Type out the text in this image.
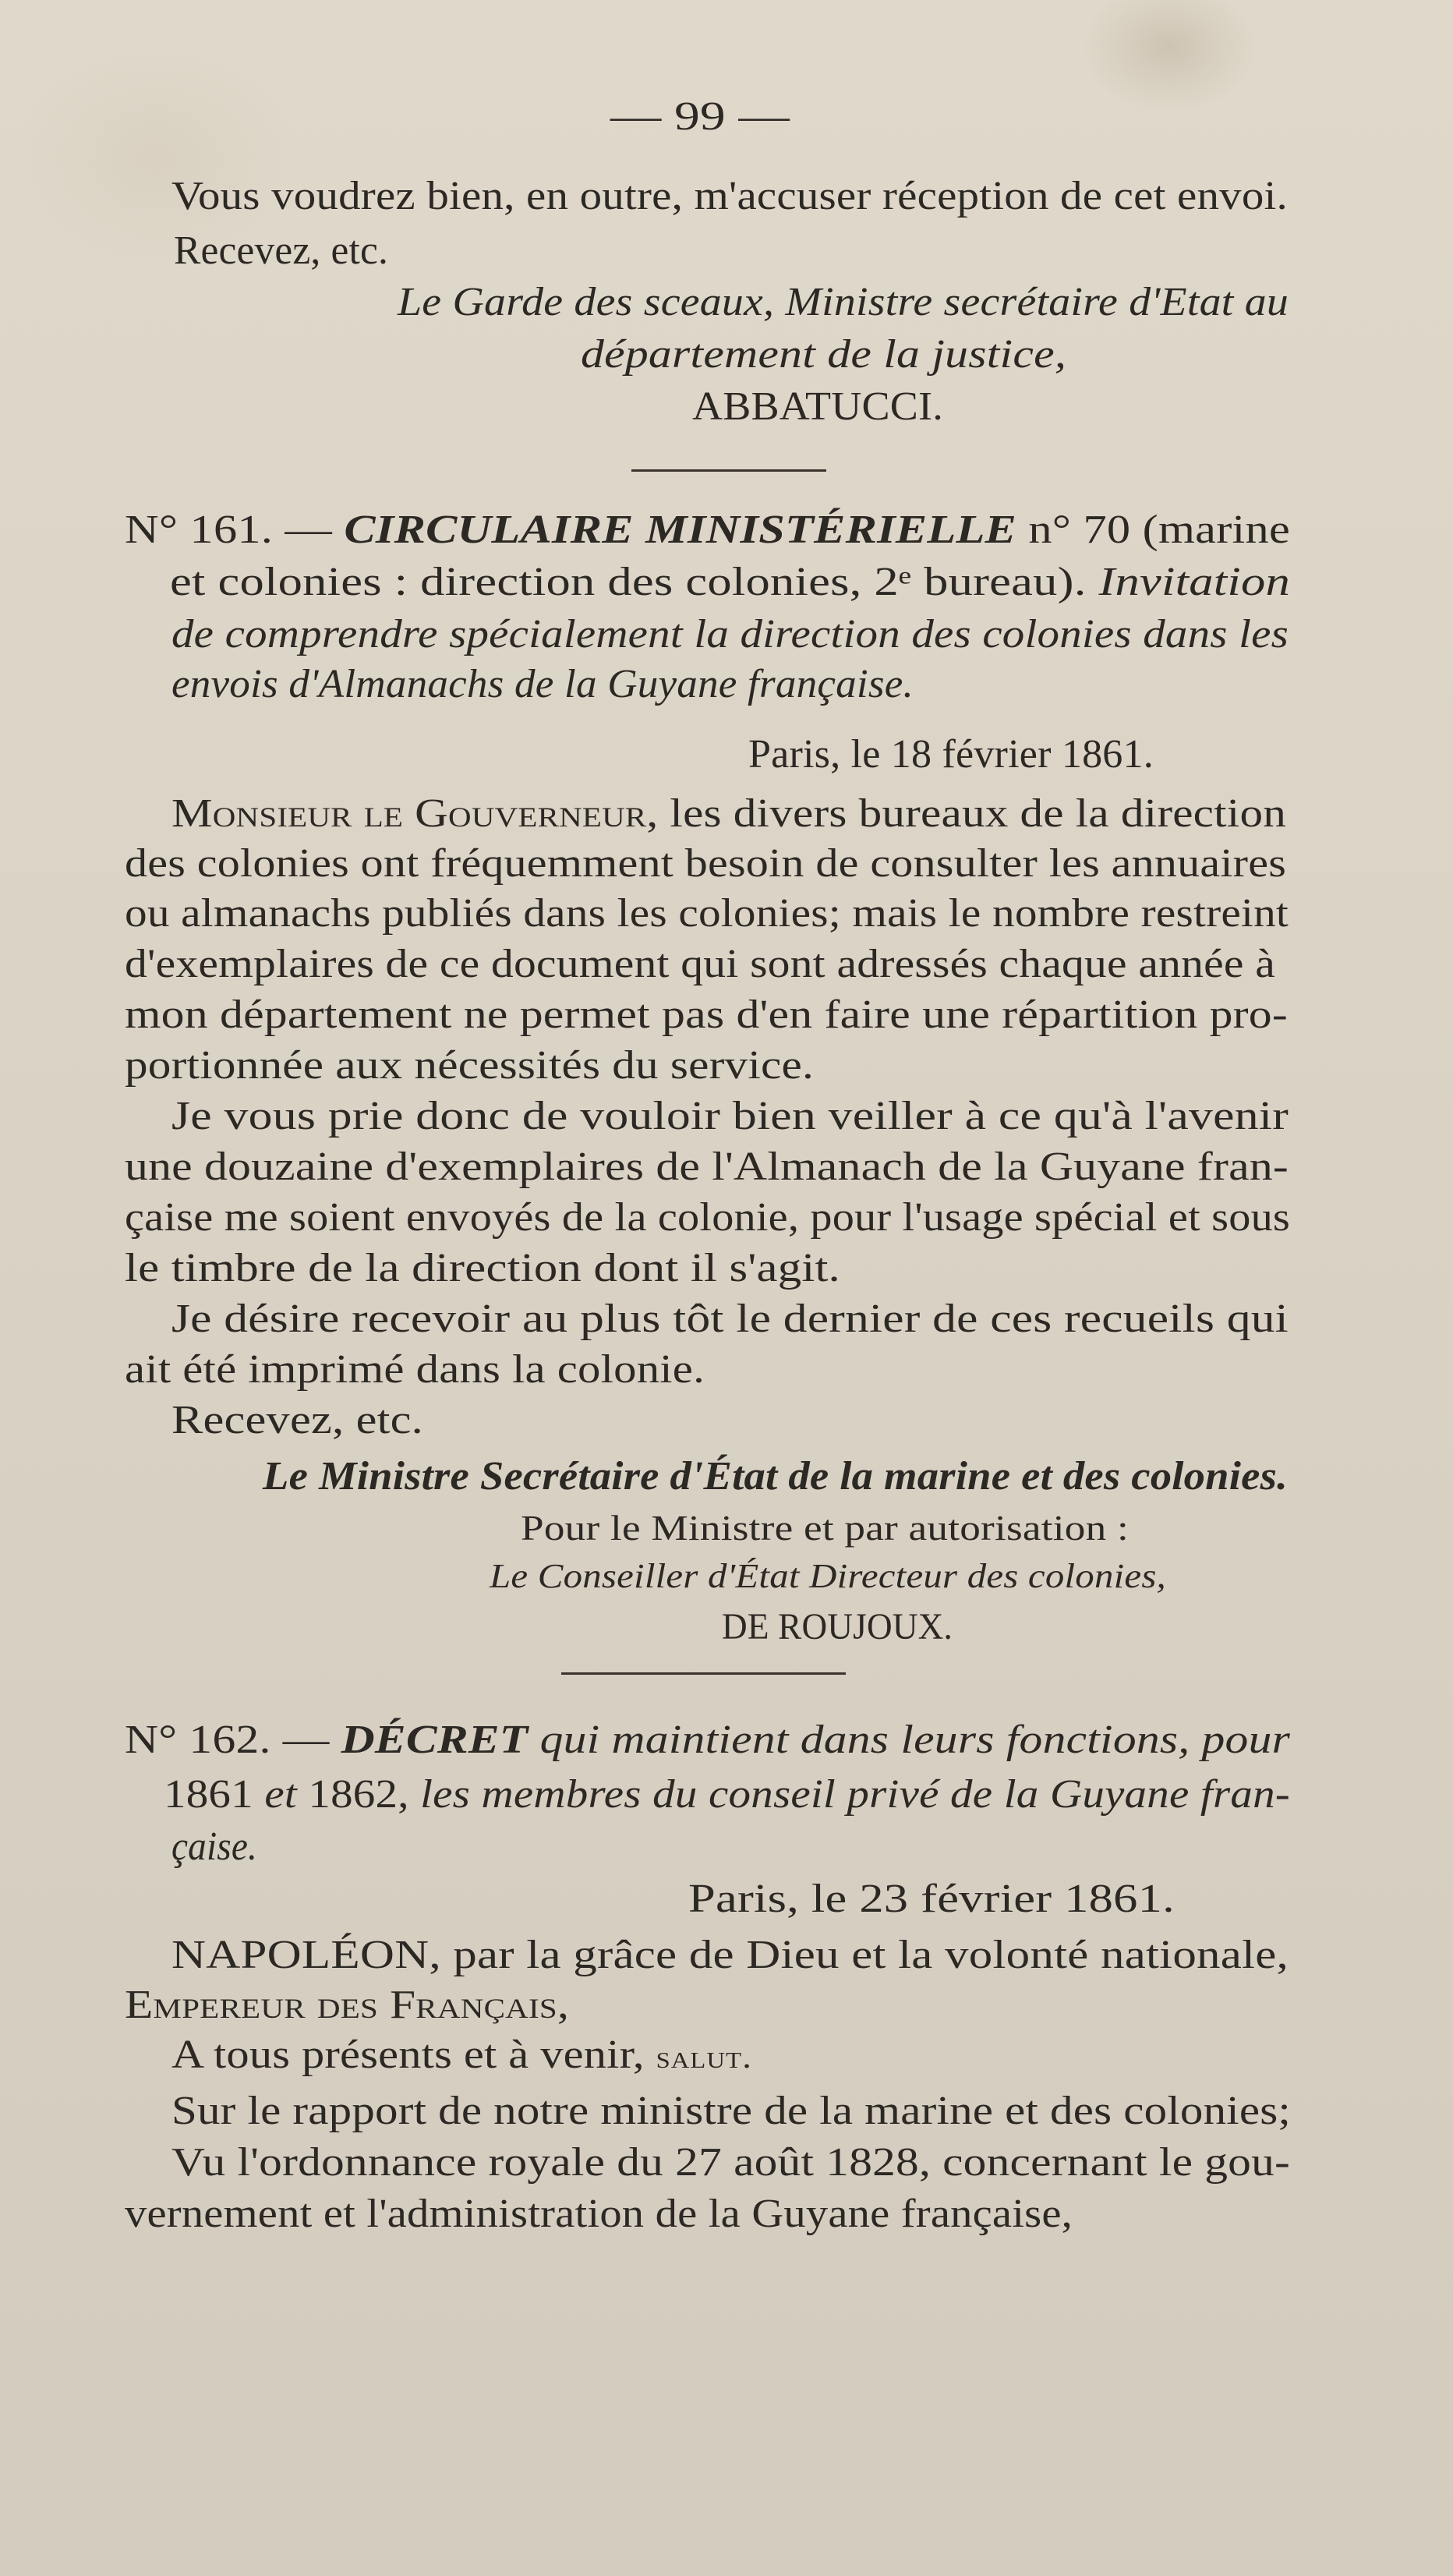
— 99 —
Vous voudrez bien, en outre, m'accuser réception de cet envoi.
Recevez, etc.
Le Garde des sceaux, Ministre secrétaire d'Etat au
département de la justice,
ABBATUCCI.
N° 161. — CIRCULAIRE MINISTÉRIELLE n° 70 (marine
et colonies : direction des colonies, 2ᵉ bureau). Invitation
de comprendre spécialement la direction des colonies dans les
envois d'Almanachs de la Guyane française.
Paris, le 18 février 1861.
Monsieur le Gouverneur, les divers bureaux de la direction
des colonies ont fréquemment besoin de consulter les annuaires
ou almanachs publiés dans les colonies; mais le nombre restreint
d'exemplaires de ce document qui sont adressés chaque année à
mon département ne permet pas d'en faire une répartition pro-
portionnée aux nécessités du service.
Je vous prie donc de vouloir bien veiller à ce qu'à l'avenir
une douzaine d'exemplaires de l'Almanach de la Guyane fran-
çaise me soient envoyés de la colonie, pour l'usage spécial et sous
le timbre de la direction dont il s'agit.
Je désire recevoir au plus tôt le dernier de ces recueils qui
ait été imprimé dans la colonie.
Recevez, etc.
Le Ministre Secrétaire d'État de la marine et des colonies.
Pour le Ministre et par autorisation :
Le Conseiller d'État Directeur des colonies,
DE ROUJOUX.
N° 162. — DÉCRET qui maintient dans leurs fonctions, pour
1861 et 1862, les membres du conseil privé de la Guyane fran-
çaise.
Paris, le 23 février 1861.
NAPOLÉON, par la grâce de Dieu et la volonté nationale,
Empereur des Français,
A tous présents et à venir, salut.
Sur le rapport de notre ministre de la marine et des colonies;
Vu l'ordonnance royale du 27 août 1828, concernant le gou-
vernement et l'administration de la Guyane française,
